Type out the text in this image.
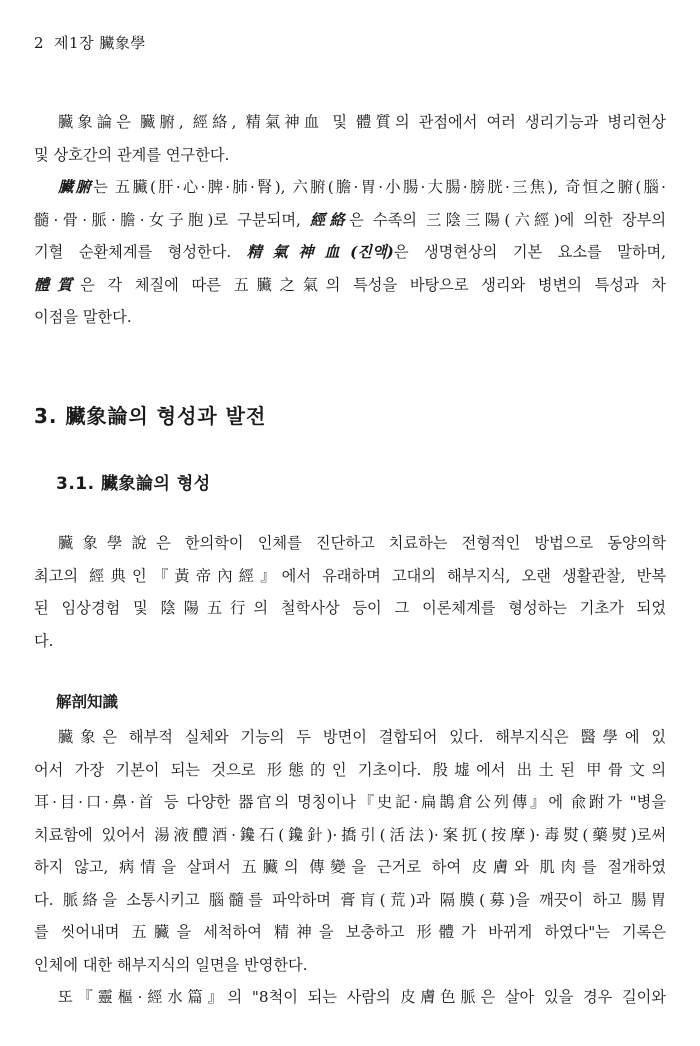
2 제1장 臟象學

臟象論은 臟腑, 經絡, 精氣神血 및 體質의 관점에서 여러 생리기능과 병리현상
및 상호간의 관계를 연구한다.

臟腑는 五臟(肝·心·脾·肺·腎), 六腑(膽·胃·小腸·大腸·膀胱·三焦), 奇恒之腑(腦·
髓·骨·脈·膽·女子胞)로 구분되며, 經絡은 수족의 三陰三陽(六經)에 의한 장부의
기혈 순환체계를 형성한다. 精氣神血(진액)은 생명현상의 기본 요소를 말하며,
體質은 각 체질에 따른 五臟之氣의 특성을 바탕으로 생리와 병변의 특성과 차
이점을 말한다.

3. 臟象論의 형성과 발전
3.1. 臟象論의 형성

臟象學說은 한의학이 인체를 진단하고 치료하는 전형적인 방법으로 동양의학
최고의 經典인『黃帝內經』에서 유래하며 고대의 해부지식, 오랜 생활관찰, 반복
된 임상경험 및 陰陽五行의 철학사상 등이 그 이론체계를 형성하는 기초가 되었
다.

解剖知識

臟象은 해부적 실체와 기능의 두 방면이 결합되어 있다. 해부지식은 醫學에 있
어서 가장 기본이 되는 것으로 形態的인 기초이다. 殷墟에서 出土된 甲骨文의
耳·目·口·鼻·首 등 다양한 器官의 명칭이나『史記·扁鵲倉公列傳』에 兪跗가 "병을
치료함에 있어서 湯液醴酒·鑱石(鑱針)·撟引(活法)·案扤(按摩)·毒熨(藥熨)로써
하지 않고, 病情을 살펴서 五臟의 傳變을 근거로 하여 皮膚와 肌肉를 절개하였
다. 脈絡을 소통시키고 腦髓를 파악하며 膏肓(荒)과 隔膜(募)을 깨끗이 하고 腸胃
를 씻어내며 五臟을 세척하여 精神을 보충하고 形體가 바뀌게 하였다"는 기록은
인체에 대한 해부지식의 일면을 반영한다.

또『靈樞·經水篇』의 "8척이 되는 사람의 皮膚色脈은 살아 있을 경우 길이와
